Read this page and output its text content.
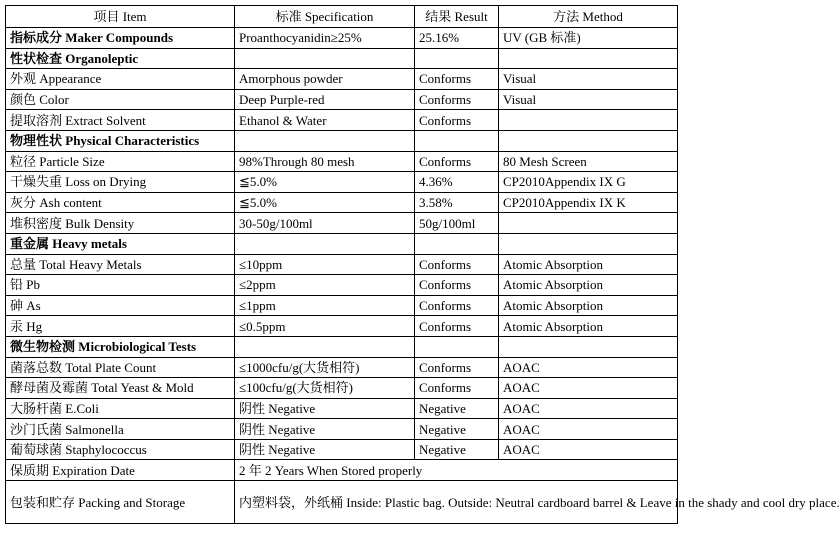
项目 Item	标准 Specification	结果 Result	方法 Method
指标成分 Maker Compounds	Proanthocyanidin≥25%	25.16%	UV (GB 标准)
性状检查 Organoleptic			
外观 Appearance	Amorphous powder	Conforms	Visual
颜色 Color	Deep Purple-red	Conforms	Visual
提取溶剂 Extract Solvent	Ethanol & Water	Conforms	
物理性状 Physical Characteristics			
粒径 Particle Size	98%Through 80 mesh	Conforms	80 Mesh Screen
干燥失重 Loss on Drying	≦5.0%	4.36%	CP2010Appendix IX G
灰分 Ash content	≦5.0%	3.58%	CP2010Appendix IX K
堆积密度 Bulk Density	30-50g/100ml	50g/100ml	
重金属 Heavy metals			
总量 Total Heavy Metals	≤10ppm	Conforms	Atomic Absorption
铅 Pb	≤2ppm	Conforms	Atomic Absorption
砷 As	≤1ppm	Conforms	Atomic Absorption
汞 Hg	≤0.5ppm	Conforms	Atomic Absorption
微生物检测 Microbiological Tests			
菌落总数 Total Plate Count	≤1000cfu/g(大货相符)	Conforms	AOAC
酵母菌及霉菌 Total Yeast & Mold	≤100cfu/g(大货相符)	Conforms	AOAC
大肠杆菌 E.Coli	阴性 Negative	Negative	AOAC
沙门氏菌 Salmonella	阴性 Negative	Negative	AOAC
葡萄球菌 Staphylococcus	阴性 Negative	Negative	AOAC
保质期 Expiration Date	2 年 2 Years When Stored properly		
包装和贮存 Packing and Storage	内塑料袋，外纸桶 Inside: Plastic bag. Outside: Neutral cardboard barrel & Leave in the shady and cool dry place.		
